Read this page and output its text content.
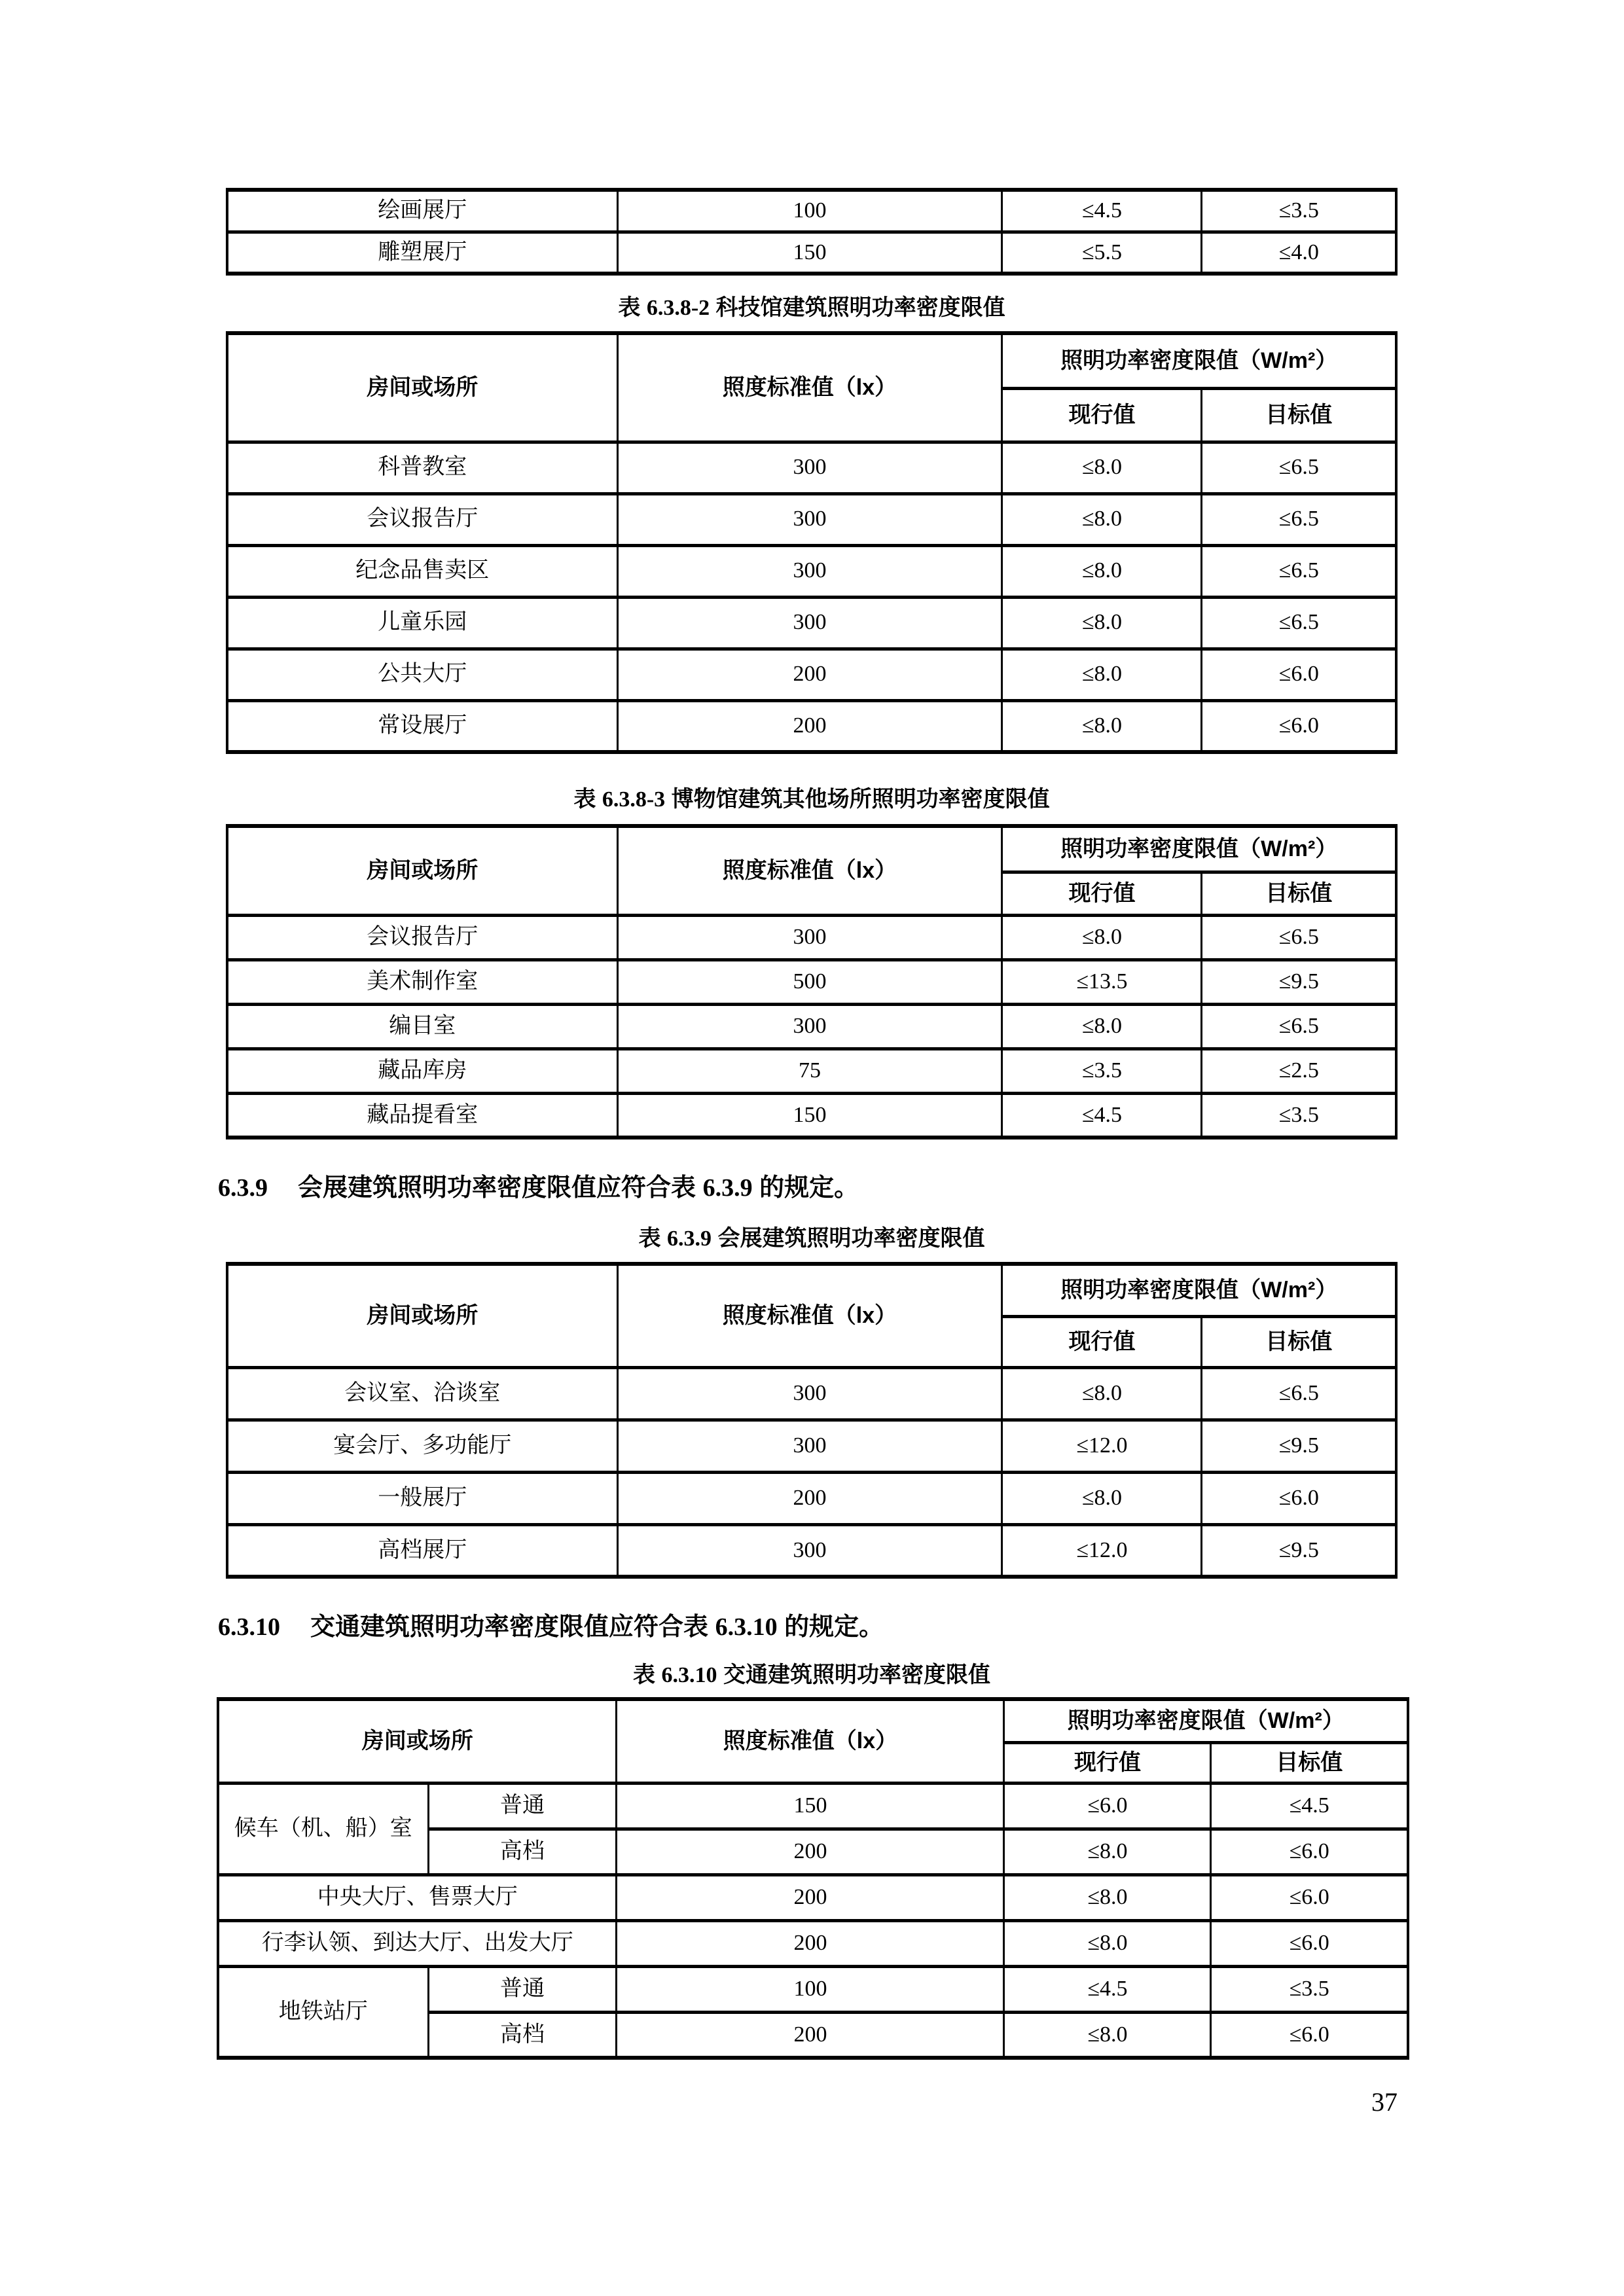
绘画展厅	100	≤4.5	≤3.5
雕塑展厅	150	≤5.5	≤4.0
表 6.3.8-2 科技馆建筑照明功率密度限值
房间或场所	照度标准值（lx）	照明功率密度限值（W/m²）	
		现行值	目标值
科普教室	300	≤8.0	≤6.5
会议报告厅	300	≤8.0	≤6.5
纪念品售卖区	300	≤8.0	≤6.5
儿童乐园	300	≤8.0	≤6.5
公共大厅	200	≤8.0	≤6.0
常设展厅	200	≤8.0	≤6.0
表 6.3.8-3 博物馆建筑其他场所照明功率密度限值
房间或场所	照度标准值（lx）	照明功率密度限值（W/m²）	
		现行值	目标值
会议报告厅	300	≤8.0	≤6.5
美术制作室	500	≤13.5	≤9.5
编目室	300	≤8.0	≤6.5
藏品库房	75	≤3.5	≤2.5
藏品提看室	150	≤4.5	≤3.5

6.3.9 会展建筑照明功率密度限值应符合表 6.3.9 的规定。

表 6.3.9 会展建筑照明功率密度限值
房间或场所	照度标准值（lx）	照明功率密度限值（W/m²）	
		现行值	目标值
会议室、洽谈室	300	≤8.0	≤6.5
宴会厅、多功能厅	300	≤12.0	≤9.5
一般展厅	200	≤8.0	≤6.0
高档展厅	300	≤12.0	≤9.5

6.3.10 交通建筑照明功率密度限值应符合表 6.3.10 的规定。

表 6.3.10 交通建筑照明功率密度限值
房间或场所		照度标准值（lx）	照明功率密度限值（W/m²）	
			现行值	目标值
候车（机、船）室	普通	150	≤6.0	≤4.5
	高档	200	≤8.0	≤6.0
中央大厅、售票大厅		200	≤8.0	≤6.0
行李认领、到达大厅、出发大厅		200	≤8.0	≤6.0
地铁站厅	普通	100	≤4.5	≤3.5
	高档	200	≤8.0	≤6.0
37
